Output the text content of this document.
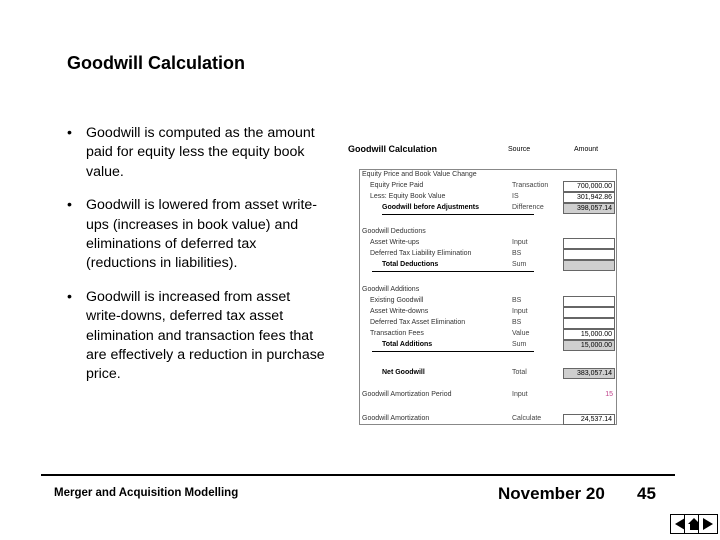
Goodwill Calculation
• Goodwill is computed as the amount paid for equity less the equity book value.
• Goodwill is lowered from asset write-ups (increases in book value) and eliminations of deferred tax (reductions in liabilities).
• Goodwill is increased from asset write-downs, deferred tax asset elimination and transaction fees that are effectively a reduction in purchase price.
Goodwill Calculation	Source	Amount
Equity Price and Book Value Change
Equity Price Paid	Transaction	700,000.00
Less: Equity Book Value	IS	301,942.86
Goodwill before Adjustments	Difference	398,057.14
Goodwill Deductions
Asset Write-ups	Input
Deferred Tax Liability Elimination	BS
Total Deductions	Sum
Goodwill Additions
Existing Goodwill	BS
Asset Write-downs	Input
Deferred Tax Asset Elimination	BS
Transaction Fees	Value	15,000.00
Total Additions	Sum	15,000.00
Net Goodwill	Total	383,057.14
Goodwill Amortization Period	Input	15
Goodwill Amortization	Calculate	24,537.14
Merger and Acquisition Modelling	November 20 45
